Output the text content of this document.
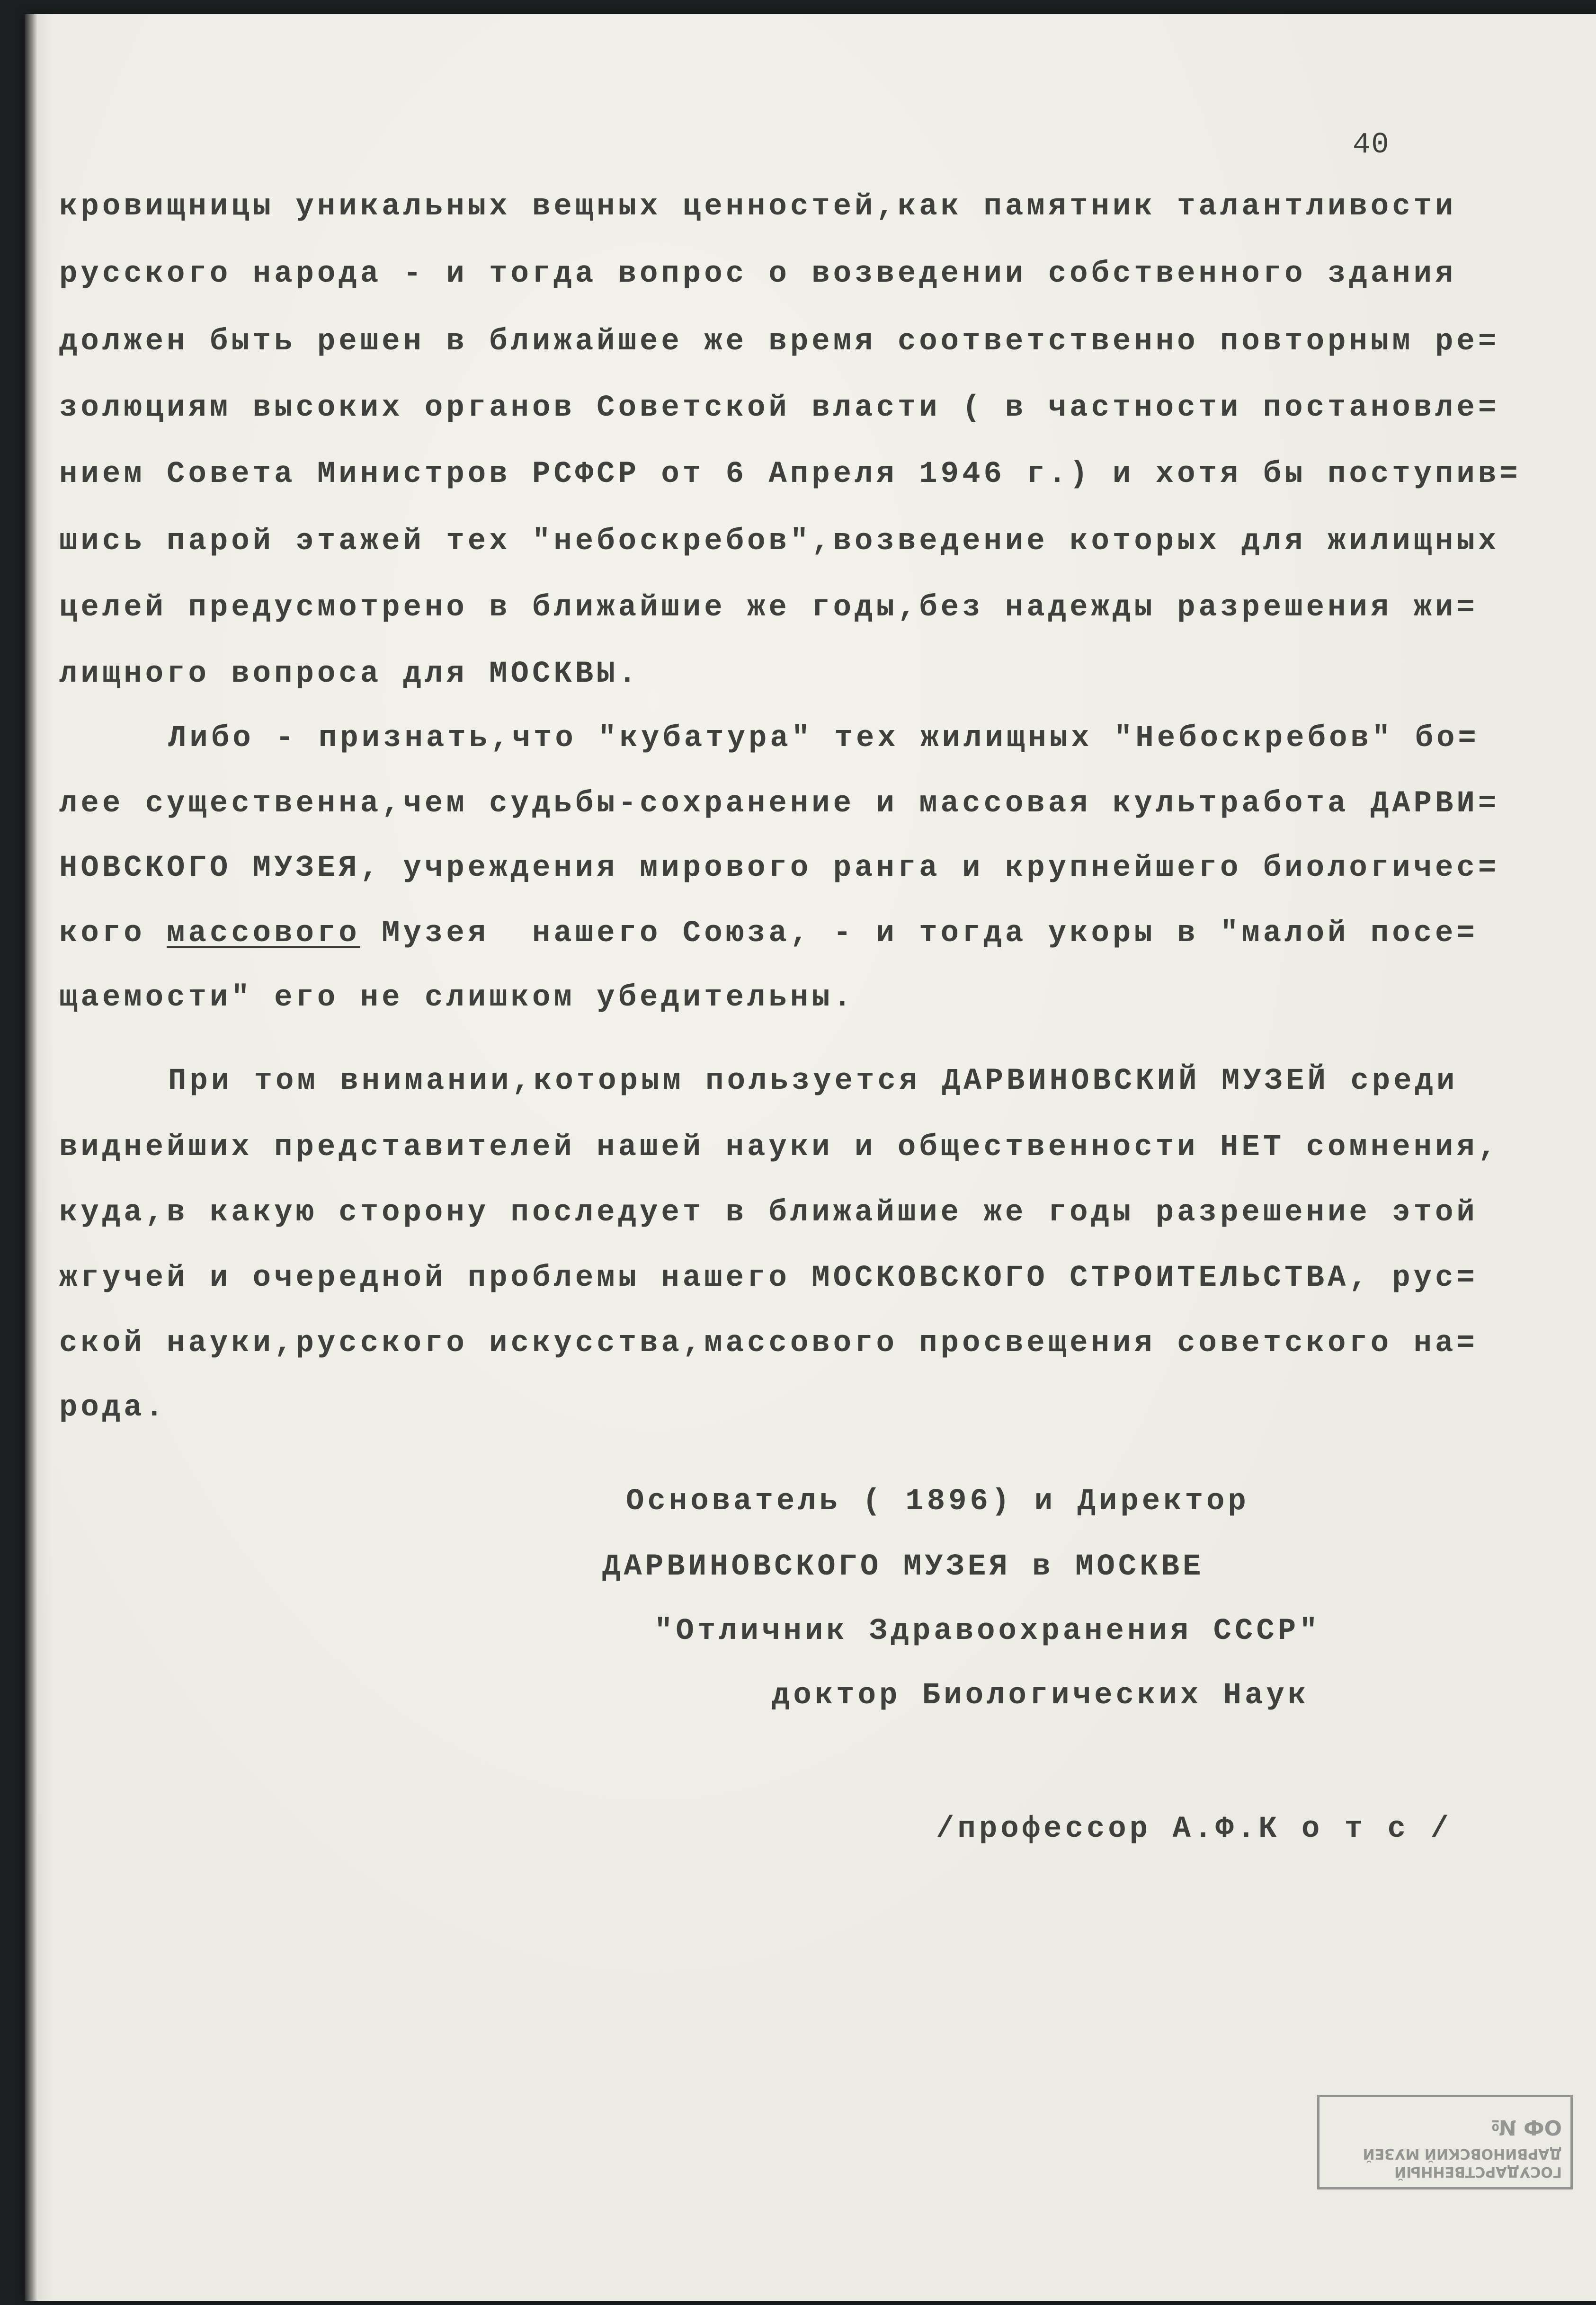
40
кровищницы уникальных вещных ценностей,как памятник талантливости
русского народа - и тогда вопрос о возведении собственного здания
должен быть решен в ближайшее же время соответственно повторным ре=
золюциям высоких органов Советской власти ( в частности постановле=
нием Совета Министров РСФСР от 6 Апреля 1946 г.) и хотя бы поступив=
шись парой этажей тех "небоскребов",возведение которых для жилищных
целей предусмотрено в ближайшие же годы,без надежды разрешения жи=
лищного вопроса для МОСКВЫ.
Либо - признать,что "кубатура" тех жилищных "Небоскребов" бо=
лее существенна,чем судьбы-сохранение и массовая культработа ДАРВИ=
НОВСКОГО МУЗЕЯ, учреждения мирового ранга и крупнейшего биологичес=
кого массового Музея  нашего Союза, - и тогда укоры в "малой посе=
щаемости" его не слишком убедительны.
При том внимании,которым пользуется ДАРВИНОВСКИЙ МУЗЕЙ среди
виднейших представителей нашей науки и общественности НЕТ сомнения,
куда,в какую сторону последует в ближайшие же годы разрешение этой
жгучей и очередной проблемы нашего МОСКОВСКОГО СТРОИТЕЛЬСТВА, рус=
ской науки,русского искусства,массового просвещения советского на=
рода.
Основатель ( 1896) и Директор
ДАРВИНОВСКОГО МУЗЕЯ в МОСКВЕ
"Отличник Здравоохранения СССР"
доктор Биологических Наук
/профессор А.Ф.К о т с /
ГОСУДАРСТВЕННЫЙ
ДАРВИНОВСКИЙ МУЗЕЙ
ОФ №
